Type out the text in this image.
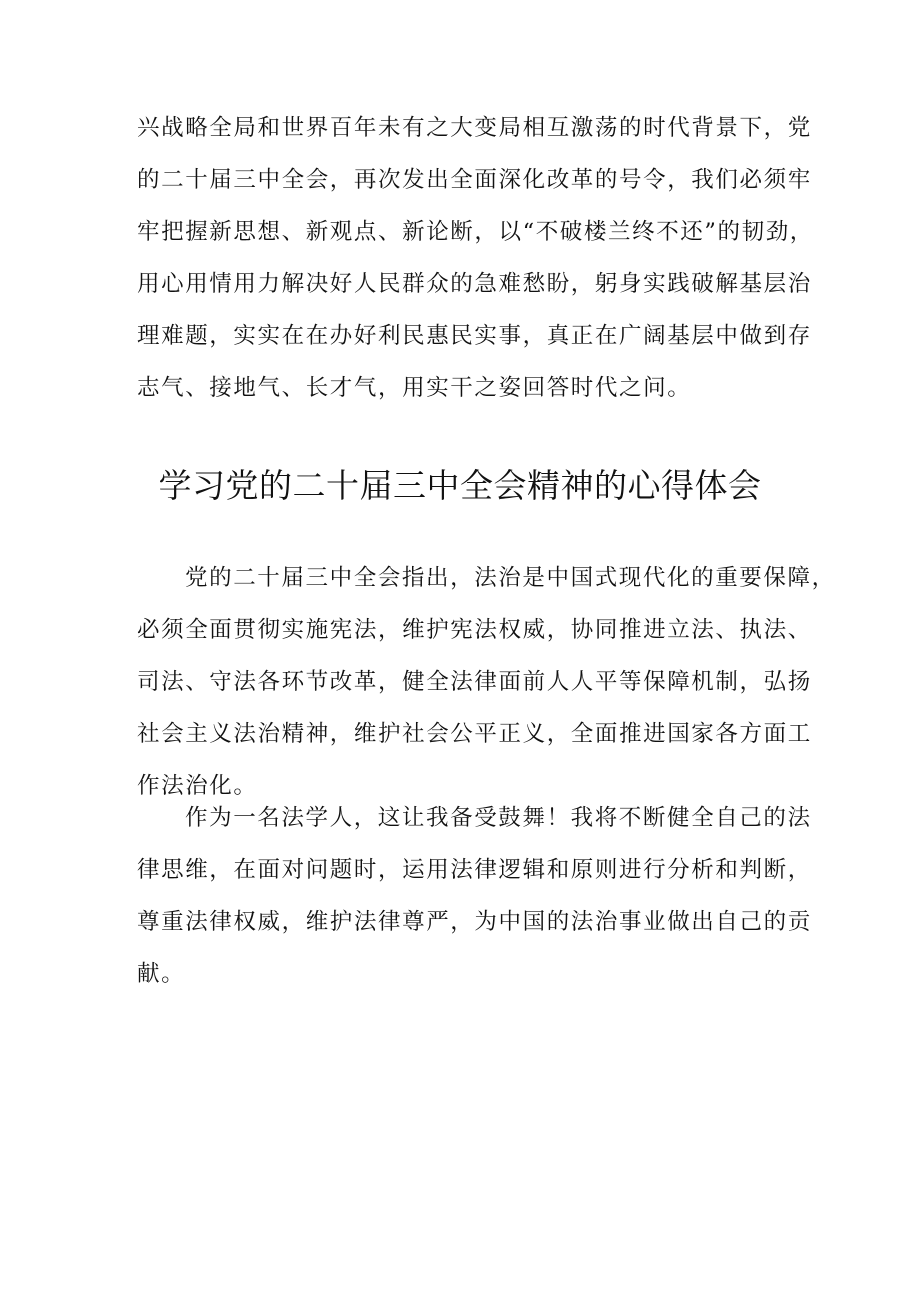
兴战略全局和世界百年未有之大变局相互激荡的时代背景下，党
的二十届三中全会，再次发出全面深化改革的号令，我们必须牢
牢把握新思想、新观点、新论断，以“不破楼兰终不还”的韧劲，
用心用情用力解决好人民群众的急难愁盼，躬身实践破解基层治
理难题，实实在在办好利民惠民实事，真正在广阔基层中做到存
志气、接地气、长才气，用实干之姿回答时代之问。
学习党的二十届三中全会精神的心得体会
党的二十届三中全会指出，法治是中国式现代化的重要保障，
必须全面贯彻实施宪法，维护宪法权威，协同推进立法、执法、
司法、守法各环节改革，健全法律面前人人平等保障机制，弘扬
社会主义法治精神，维护社会公平正义，全面推进国家各方面工
作法治化。
作为一名法学人，这让我备受鼓舞！我将不断健全自己的法
律思维，在面对问题时，运用法律逻辑和原则进行分析和判断，
尊重法律权威，维护法律尊严，为中国的法治事业做出自己的贡
献。
